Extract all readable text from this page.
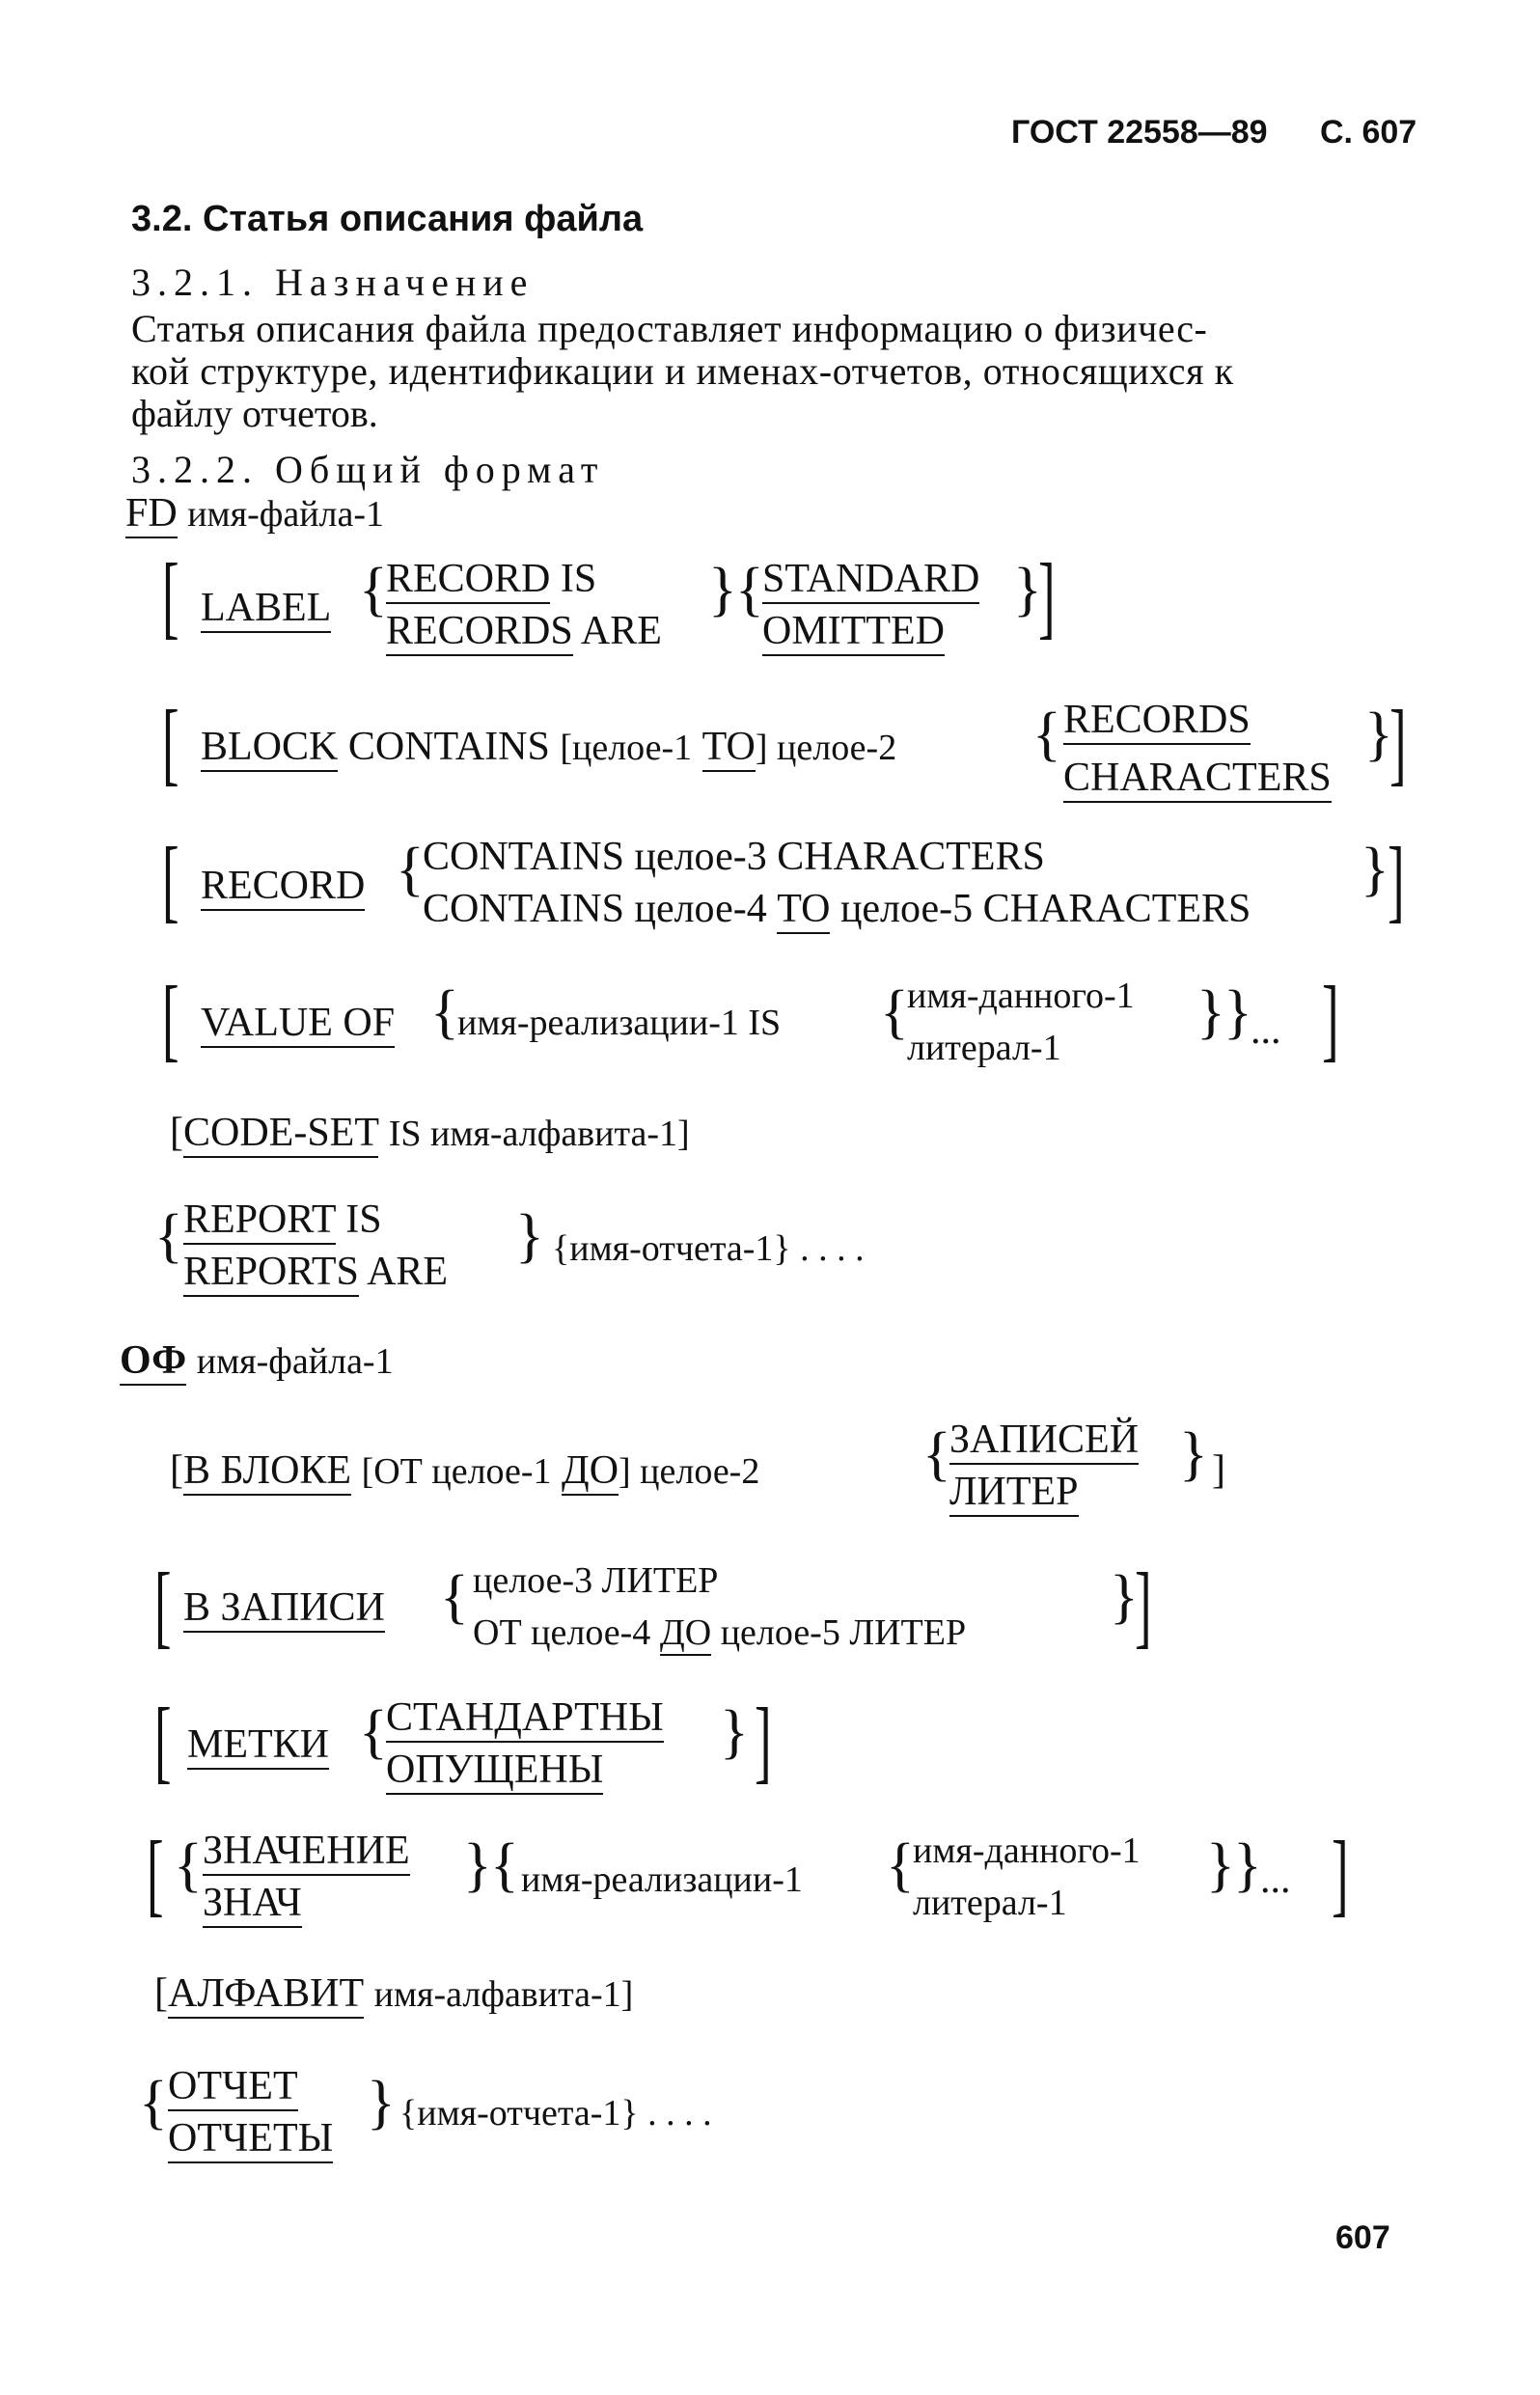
ГОСТ 22558—89 С. 607
3.2. Статья описания файла
3.2.1. Назначение
Статья описания файла предоставляет информацию о физичес-
кой структуре, идентификации и именах-отчетов, относящихся к
файлу отчетов.
3.2.2. Общий формат
FD имя-файла-1
[ LABEL {
RECORD IS
RECORDS ARE
}
{
STANDARD
OMITTED
}
]
[ BLOCK CONTAINS [целое-1 TO] целое-2 { RECORDS
CHARACTERS
}
]
[ RECORD {
CONTAINS целое-3 CHARACTERS
CONTAINS целое-4 TO целое-5 CHARACTERS
}
]
[ VALUE OF {
имя-реализации-1 IS {
имя-данного-1
литерал-1
}
}
... ]
[CODE-SET IS имя-алфавита-1]
{ REPORT IS
REPORTS ARE
} {имя-отчета-1} . . . .
ОФ имя-файла-1
[В БЛОКЕ [ОТ целое-1 ДО] целое-2	{
ЗАПИСЕЙ
ЛИТЕР
} ]
[ В ЗАПИСИ { целое-3 ЛИТЕР
ОТ целое-4 ДО целое-5 ЛИТЕР
}
]
[ МЕТКИ {
СТАНДАРТНЫ
ОПУЩЕНЫ
} ]
[ { ЗНАЧЕНИЕ
ЗНАЧ
}
{ имя-реализации-1 {
имя-данного-1
литерал-1
}
}
... ]
[АЛФАВИТ имя-алфавита-1]
{ ОТЧЕТ
ОТЧЕТЫ
} {имя-отчета-1} . . . .
607
